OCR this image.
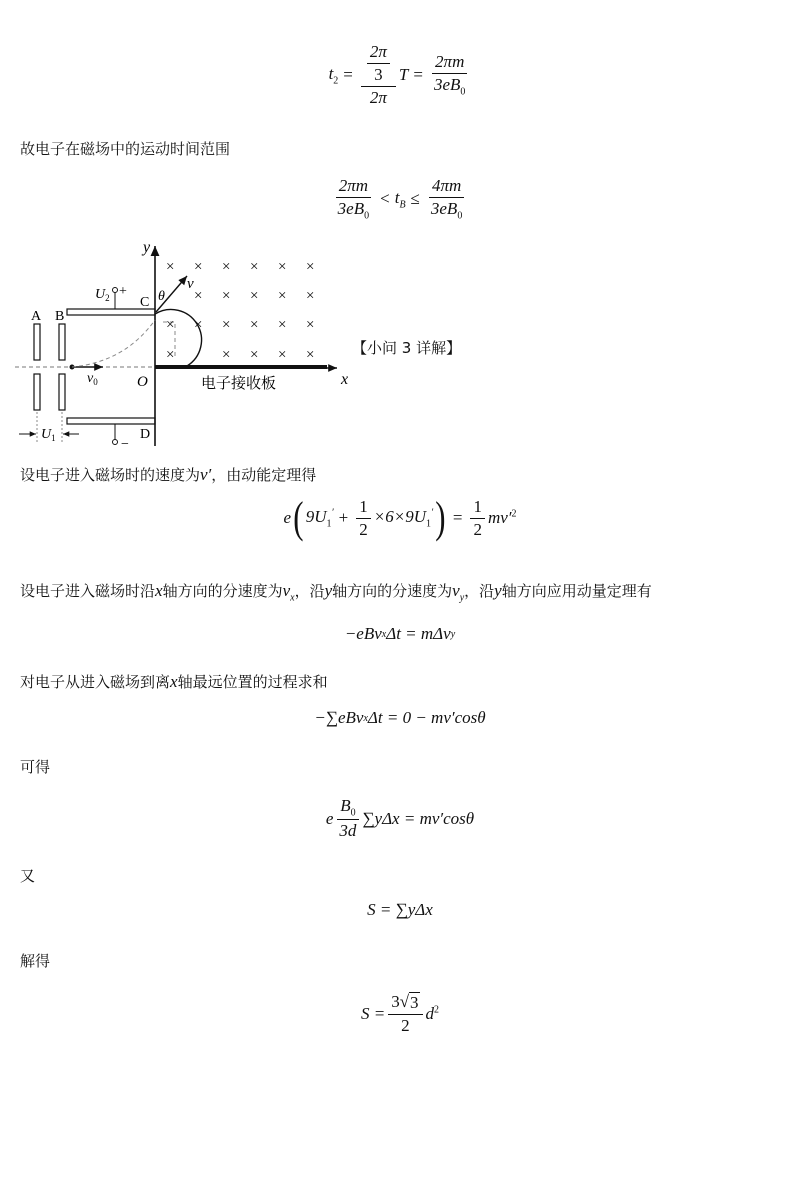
$t_2 = \frac{\frac{2\pi}{3}}{2\pi}$ $T = \frac{2\pi m}{3eB_0}$
故电子在磁场中的运动时间范围
$\frac{2\pi m}{3eB_0} < t_B \le \frac{4\pi m}{3eB_0}$
y
x
电子接收板
O
A B
C
$U_2$ +
D
−
$v_0$
$U_1$
v
θ
× × × × × ×
× × × × ×
× × × × × ×
×	× × × ×	【小问 3 详解】
设电子进入磁场时的速度为v′，由动能定理得
e ( $9U_1' + \frac{1}{2} \times 6\times 9U_1'$ ) = $\frac{1}{2} mv'^2$
设电子进入磁场时沿x轴方向的分速度为$v_x$，沿y轴方向的分速度为$v_y$，沿y轴方向应用动量定理有
−eBv x Δt = mΔv y
对电子从进入磁场到离x轴最远位置的过程求和
−∑eBv x Δt = 0 − mv′cosθ
可得
e $\frac{B_0}{3d} \sum y\Delta x = mv'\cos\theta$
又
S = ∑yΔx
解得
$S = \frac{3 √ 3}{2} d^2$
